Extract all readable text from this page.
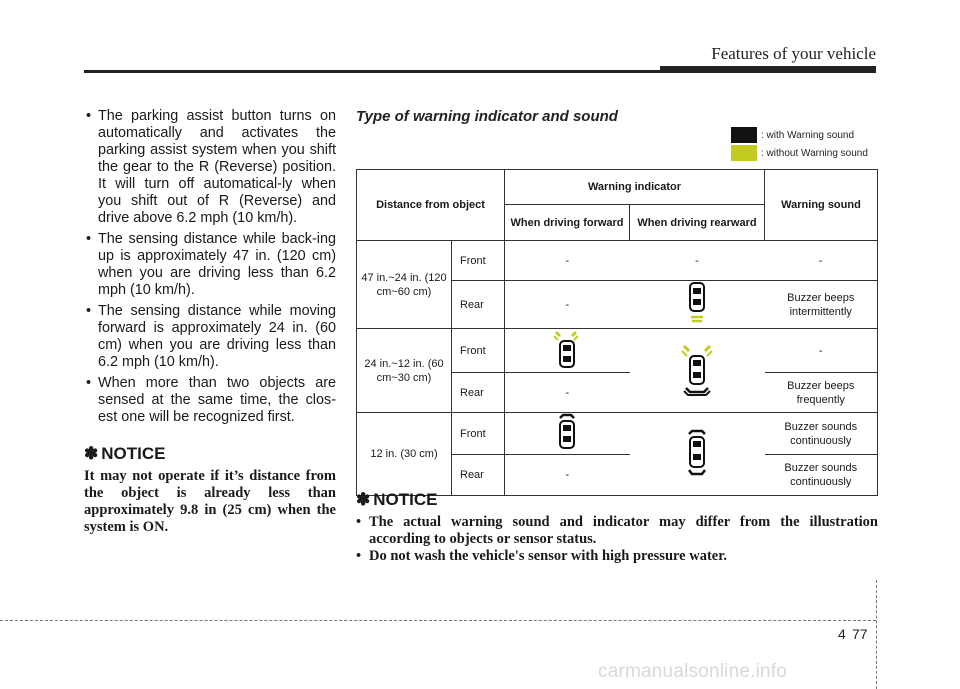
Features of your vehicle
• The parking assist button turns on automatically and activates the parking assist system when you shift the gear to the R (Reverse) position. It will turn off automatical-ly when you shift out of R (Reverse) and drive above 6.2 mph (10 km/h).
• The sensing distance while back-ing up is approximately 47 in. (120 cm) when you are driving less than 6.2 mph (10 km/h).
• The sensing distance while moving forward is approximately 24 in. (60 cm) when you are driving less than 6.2 mph (10 km/h).
• When more than two objects are sensed at the same time, the clos-est one will be recognized first.
✽ NOTICE
It may not operate if it’s distance from the object is already less than approximately 9.8 in (25 cm) when the system is ON.
Type of warning indicator and sound
: with Warning sound
: without Warning sound
Distance from object		Warning indicator		Warning sound
		When driving forward	When driving rearward	
47 in.~24 in. (120 cm~60 cm)	Front	-	-	-
	Rear	-		Buzzer beeps intermittently
24 in.~12 in. (60 cm~30 cm)	Front			-
	Rear	-		Buzzer beeps frequently
12 in. (30 cm)	Front			Buzzer sounds continuously
	Rear	-		Buzzer sounds continuously
✽ NOTICE
• The actual warning sound and indicator may differ from the illustration according to objects or sensor status.
• Do not wash the vehicle's sensor with high pressure water.
4 77
carmanualsonline.info
